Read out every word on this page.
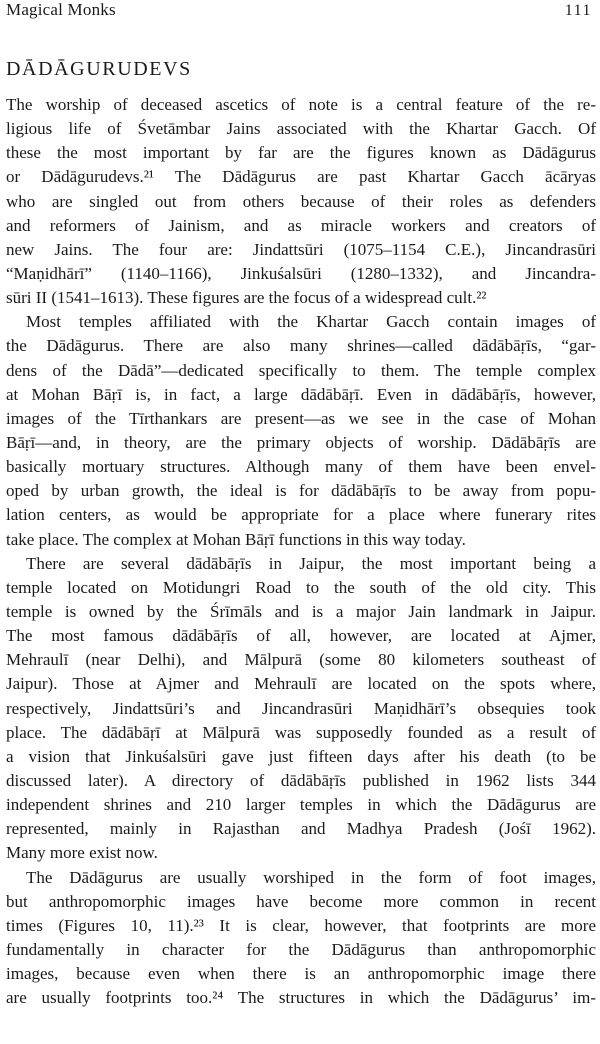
Magical Monks	111
DĀDĀGURUDEVS
The worship of deceased ascetics of note is a central feature of the re-
ligious life of Śvetāmbar Jains associated with the Khartar Gacch. Of
these the most important by far are the figures known as Dādāgurus
or Dādāgurudevs.²¹ The Dādāgurus are past Khartar Gacch ācāryas
who are singled out from others because of their roles as defenders
and reformers of Jainism, and as miracle workers and creators of
new Jains. The four are: Jindattsūri (1075–1154 C.E.), Jincandrasūri
“Maṇidhārī” (1140–1166), Jinkuśalsūri (1280–1332), and Jincandra-
sūri II (1541–1613). These figures are the focus of a widespread cult.²²
Most temples affiliated with the Khartar Gacch contain images of
the Dādāgurus. There are also many shrines—called dādābāṛīs, “gar-
dens of the Dādā”—dedicated specifically to them. The temple complex
at Mohan Bāṛī is, in fact, a large dādābāṛī. Even in dādābāṛīs, however,
images of the Tīrthankars are present—as we see in the case of Mohan
Bāṛī—and, in theory, are the primary objects of worship. Dādābāṛīs are
basically mortuary structures. Although many of them have been envel-
oped by urban growth, the ideal is for dādābāṛīs to be away from popu-
lation centers, as would be appropriate for a place where funerary rites
take place. The complex at Mohan Bāṛī functions in this way today.
There are several dādābāṛīs in Jaipur, the most important being a
temple located on Motidungri Road to the south of the old city. This
temple is owned by the Śrīmāls and is a major Jain landmark in Jaipur.
The most famous dādābāṛīs of all, however, are located at Ajmer,
Mehraulī (near Delhi), and Mālpurā (some 80 kilometers southeast of
Jaipur). Those at Ajmer and Mehraulī are located on the spots where,
respectively, Jindattsūri’s and Jincandrasūri Maṇidhārī’s obsequies took
place. The dādābāṛī at Mālpurā was supposedly founded as a result of
a vision that Jinkuśalsūri gave just fifteen days after his death (to be
discussed later). A directory of dādābāṛīs published in 1962 lists 344
independent shrines and 210 larger temples in which the Dādāgurus are
represented, mainly in Rajasthan and Madhya Pradesh (Jośī 1962).
Many more exist now.
The Dādāgurus are usually worshiped in the form of foot images,
but anthropomorphic images have become more common in recent
times (Figures 10, 11).²³ It is clear, however, that footprints are more
fundamentally in character for the Dādāgurus than anthropomorphic
images, because even when there is an anthropomorphic image there
are usually footprints too.²⁴ The structures in which the Dādāgurus’ im-
